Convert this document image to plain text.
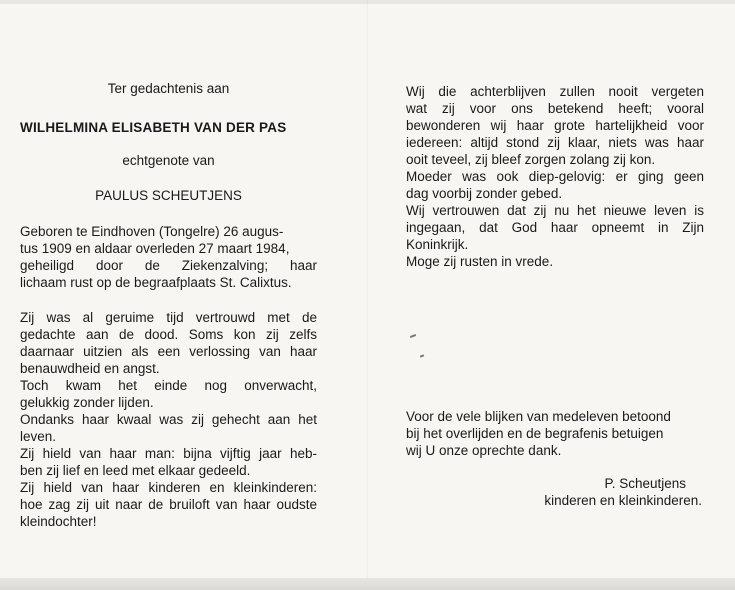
Ter gedachtenis aan

WILHELMINA ELISABETH VAN DER PAS

echtgenote van

PAULUS SCHEUTJENS

Geboren te Eindhoven (Tongelre) 26 augus-
tus 1909 en aldaar overleden 27 maart 1984,
geheiligd door de Ziekenzalving; haar
lichaam rust op de begraafplaats St. Calixtus.
Zij was al geruime tijd vertrouwd met de
gedachte aan de dood. Soms kon zij zelfs
daarnaar uitzien als een verlossing van haar
benauwdheid en angst.
Toch kwam het einde nog onverwacht,
gelukkig zonder lijden.
Ondanks haar kwaal was zij gehecht aan het
leven.
Zij hield van haar man: bijna vijftig jaar heb-
ben zij lief en leed met elkaar gedeeld.
Zij hield van haar kinderen en kleinkinderen:
hoe zag zij uit naar de bruiloft van haar oudste
kleindochter!
Wij die achterblijven zullen nooit vergeten
wat zij voor ons betekend heeft; vooral
bewonderen wij haar grote hartelijkheid voor
iedereen: altijd stond zij klaar, niets was haar
ooit teveel, zij bleef zorgen zolang zij kon.
Moeder was ook diep-gelovig: er ging geen
dag voorbij zonder gebed.
Wij vertrouwen dat zij nu het nieuwe leven is
ingegaan, dat God haar opneemt in Zijn
Koninkrijk.
Moge zij rusten in vrede.
Voor de vele blijken van medeleven betoond
bij het overlijden en de begrafenis betuigen
wij U onze oprechte dank.
P. Scheutjens
kinderen en kleinkinderen.
